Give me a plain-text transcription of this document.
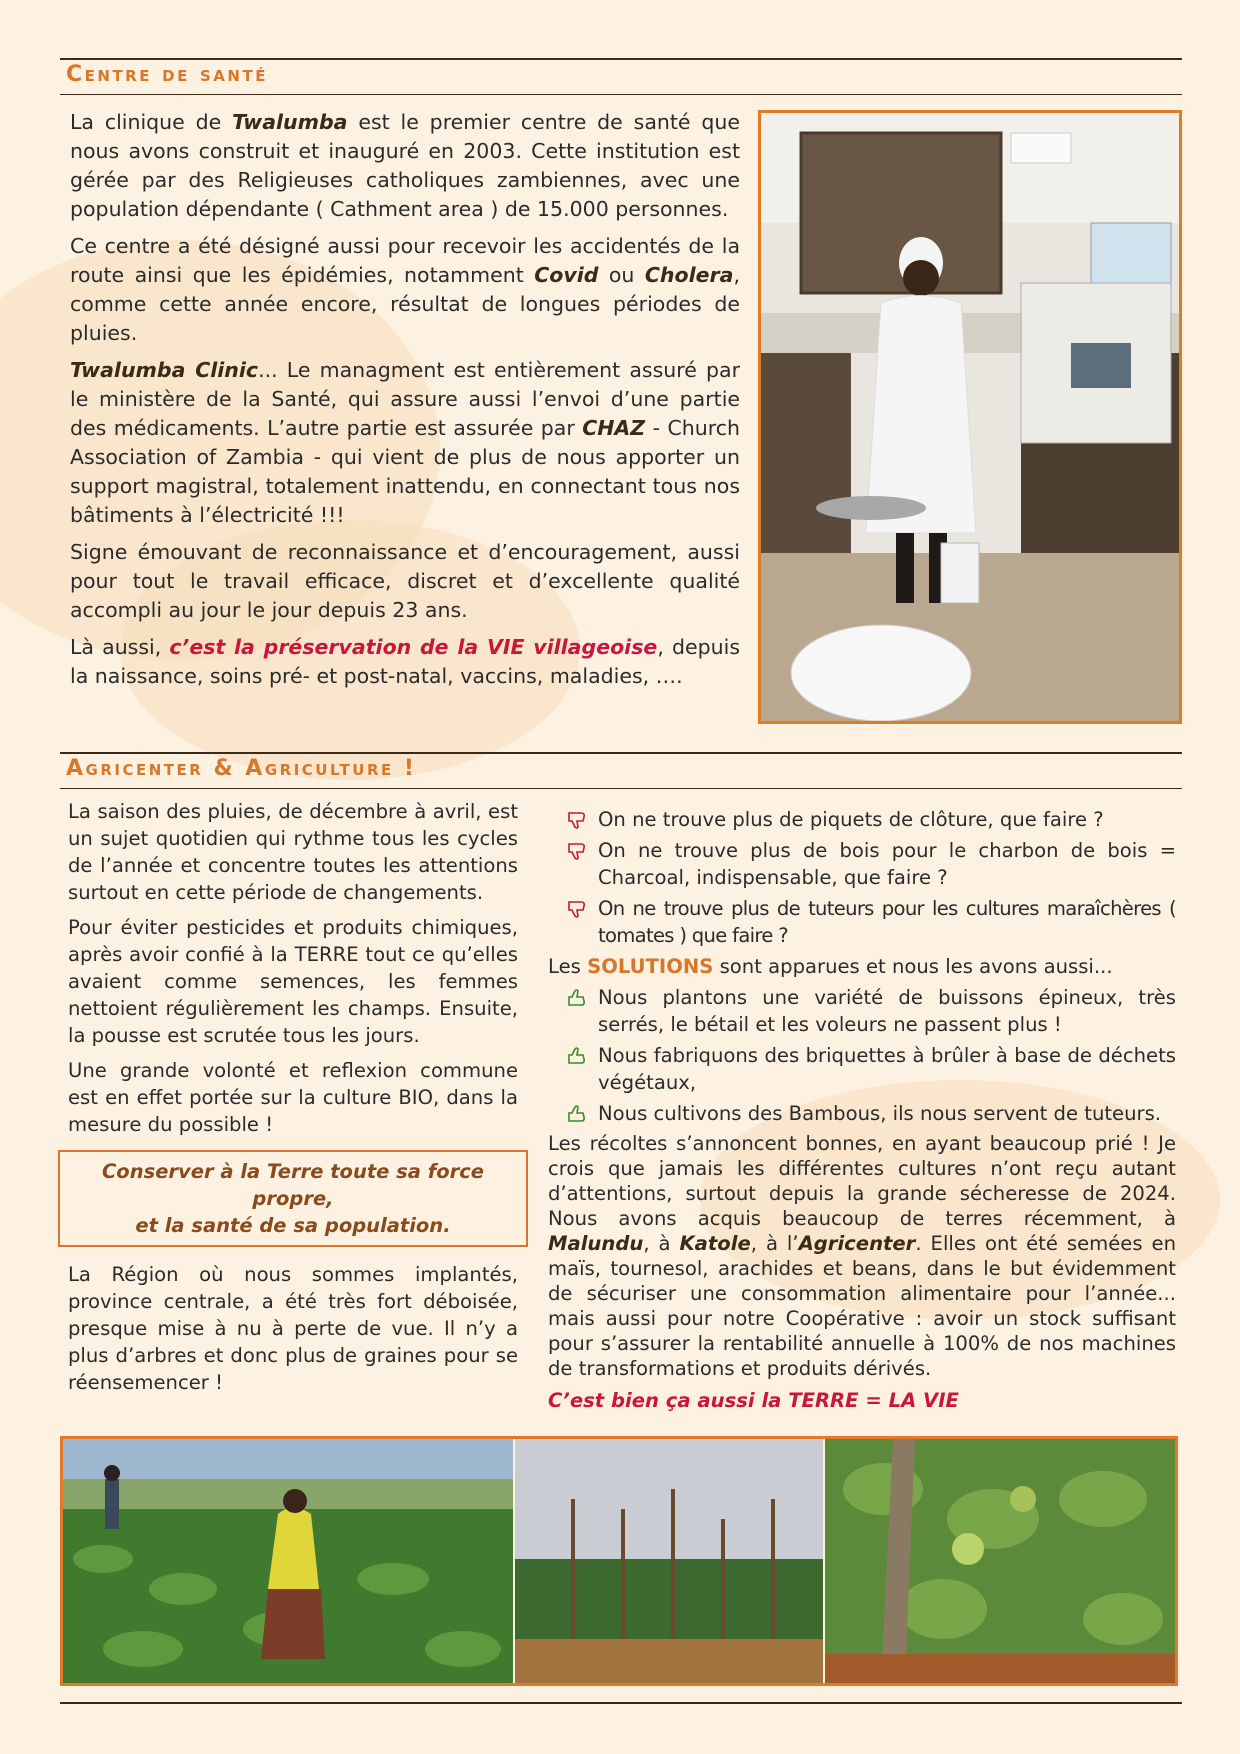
Centre de santé

La clinique de Twalumba est le premier centre de santé que nous avons construit et inauguré en 2003. Cette institution est gérée par des Religieuses catholiques zambiennes, avec une population dépendante ( Cathment area ) de 15.000 personnes.

Ce centre a été désigné aussi pour recevoir les accidentés de la route ainsi que les épidémies, notamment Covid ou Cholera, comme cette année encore, résultat de longues périodes de pluies.

Twalumba Clinic... Le managment est entièrement assuré par le ministère de la Santé, qui assure aussi l’envoi d’une partie des médicaments. L’autre partie est assurée par CHAZ - Church Association of Zambia - qui vient de plus de nous apporter un support magistral, totalement inattendu, en connectant tous nos bâtiments à l’électricité !!!

Signe émouvant de reconnaissance et d’encouragement, aussi pour tout le travail efficace, discret et d’excellente qualité accompli au jour le jour depuis 23 ans.

Là aussi, c’est la préservation de la VIE villageoise, depuis la naissance, soins pré- et post-natal, vaccins, maladies, ….

Agricenter & Agriculture !

La saison des pluies, de décembre à avril, est un sujet quotidien qui rythme tous les cycles de l’année et concentre toutes les attentions surtout en cette période de changements.

Pour éviter pesticides et produits chimiques, après avoir confié à la TERRE tout ce qu’elles avaient comme semences, les femmes nettoient régulièrement les champs. Ensuite, la pousse est scrutée tous les jours.

Une grande volonté et reflexion commune est en effet portée sur la culture BIO, dans la mesure du possible !

Conserver à la Terre toute sa force propre,
et la santé de sa population.

La Région où nous sommes implantés, province centrale, a été très fort déboisée, presque mise à nu à perte de vue. Il n’y a plus d’arbres et donc plus de graines pour se réensemencer !

On ne trouve plus de piquets de clôture, que faire ?
On ne trouve plus de bois pour le charbon de bois = Charcoal, indispensable, que faire ?
On ne trouve plus de tuteurs pour les cultures maraîchères ( tomates ) que faire ?

Les SOLUTIONS sont apparues et nous les avons aussi...

Nous plantons une variété de buissons épineux, très serrés, le bétail et les voleurs ne passent plus !
Nous fabriquons des briquettes à brûler à base de déchets végétaux,
Nous cultivons des Bambous, ils nous servent de tuteurs.

Les récoltes s’annoncent bonnes, en ayant beaucoup prié ! Je crois que jamais les différentes cultures n’ont reçu autant d’attentions, surtout depuis la grande sécheresse de 2024. Nous avons acquis beaucoup de terres récemment, à Malundu, à Katole, à l’Agricenter. Elles ont été semées en maïs, tournesol, arachides et beans, dans le but évidemment de sécuriser une consommation alimentaire pour l’année... mais aussi pour notre Coopérative : avoir un stock suffisant pour s’assurer la rentabilité annuelle à 100% de nos machines de transformations et produits dérivés.

C’est bien ça aussi la TERRE = LA VIE
